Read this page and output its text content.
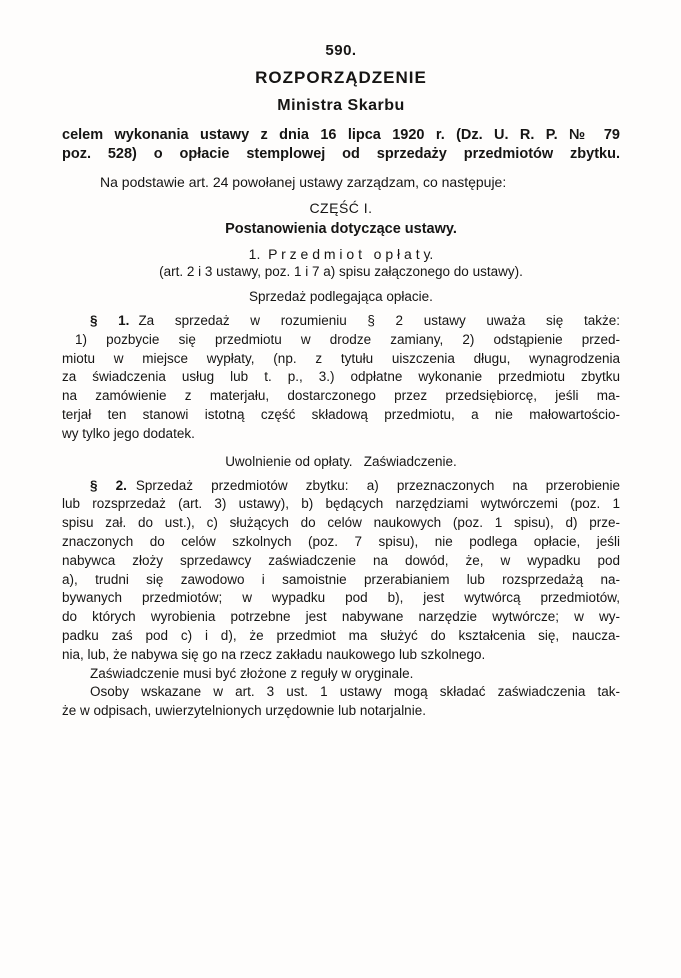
590.
ROZPORZĄDZENIE
Ministra Skarbu
celem wykonania ustawy z dnia 16 lipca 1920 r. (Dz. U. R. P. № 79
poz. 528) o opłacie stemplowej od sprzedaży przedmiotów zbytku.
Na podstawie art. 24 powołanej ustawy zarządzam, co następuje:
CZĘŚĆ I.
Postanowienia dotyczące ustawy.
1.  P r z e d m i o t   o p ł a t y.
(art. 2 i 3 ustawy, poz. 1 i 7 a) spisu załączonego do ustawy).
Sprzedaż podlegająca opłacie.
§ 1. Za sprzedaż w rozumieniu § 2 ustawy uważa się także:
1) pozbycie się przedmiotu w drodze zamiany, 2) odstąpienie przed-
miotu w miejsce wypłaty, (np. z tytułu uiszczenia długu, wynagrodzenia
za świadczenia usług lub t. p., 3.) odpłatne wykonanie przedmiotu zbytku
na zamówienie z materjału, dostarczonego przez przedsiębiorcę, jeśli ma-
terjał ten stanowi istotną część składową przedmiotu, a nie małowartościo-
wy tylko jego dodatek.
Uwolnienie od opłaty.   Zaświadczenie.
§ 2. Sprzedaż przedmiotów zbytku: a) przeznaczonych na przerobienie
lub rozsprzedaż (art. 3) ustawy), b) będących narzędziami wytwórczemi (poz. 1
spisu zał. do ust.), c) służących do celów naukowych (poz. 1 spisu), d) prze-
znaczonych do celów szkolnych (poz. 7 spisu), nie podlega opłacie, jeśli
nabywca złoży sprzedawcy zaświadczenie na dowód, że, w wypadku pod
a), trudni się zawodowo i samoistnie przerabianiem lub rozsprzedażą na-
bywanych przedmiotów; w wypadku pod b), jest wytwórcą przedmiotów,
do których wyrobienia potrzebne jest nabywane narzędzie wytwórcze; w wy-
padku zaś pod c) i d), że przedmiot ma służyć do kształcenia się, naucza-
nia, lub, że nabywa się go na rzecz zakładu naukowego lub szkolnego.
Zaświadczenie musi być złożone z reguły w oryginale.
Osoby wskazane w art. 3 ust. 1 ustawy mogą składać zaświadczenia tak-
że w odpisach, uwierzytelnionych urzędownie lub notarjalnie.
